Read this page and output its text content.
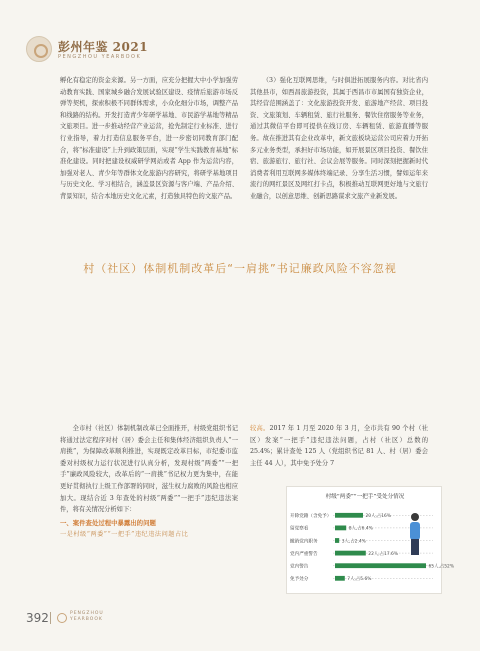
彭州年鉴 2021
PENGZHOU YEARBOOK

孵化有稳定的资金来源。另一方面，应充分把握大中小学加强劳动教育实践、国家城乡融合发展试验区建设、疫情后旅游市场反弹等契机，探索积极不同群体需求，小众化细分市场，调整产品和线路的结构。开发打造青少年研学基地、市民游学基地等精品文旅项目。进一步推动经营产业运营，抢先制定行业标准、进行行业指导，着力打造信息服务平台，进一步密切同教育部门配合，将“标准建设”上升到政策层面，实现“学生实践教育基地”标准化建设。同时把建设权威研学网站或者 App 作为运营内容，加强对老人、青少年等群体文化旅游内容研究，将研学基地项目与历史文化、学习相结合，涵盖景区资源与客户端、产品介绍、背景知识，结合本地历史文化元素，打造独具特色的文旅产品。

（3）强化互联网思维，与时俱进拓展服务内容。对比省内其他县市，如西昌旅游投资，其属于西昌市市属国有独资企业，其经营范围涵盖了：文化旅游投资开发、旅游地产经营、项目投资、文旅策划、车辆租赁、旅行社服务、餐饮住宿服务等业务，通过其微信平台即可提供在线订房、车辆租赁、旅游直播等服务。故在推进其有企业改革中，新文旅板块运营公司应着力开拓多元业务类型，承担好市场功能，如开展景区项目投资、餐饮住宿、旅游旅行、旅行社、会议会展等服务。同时深刻把握新时代消费者利用互联网多媒体终端记录、分享生活习惯，譬如运年来流行的网红景区及网红打卡点，积极推动互联网更好地与文旅行业融合，以创意思维、创新思路谋求文旅产业新发展。

村（社区）体制机制改革后“一肩挑”书记廉政风险不容忽视

全市村（社区）体制机制改革已全面推开，村级党组织书记将通过法定程序对村（居）委会主任和集体经济组织负责人“一肩挑”，为保障改革顺利推进，实现既定改革目标，市纪委市监委对村级权力运行状况进行认真分析，发现村级“两委”“一把手”廉政风险较大，改革后的“一肩挑”书记权力更为集中，在能更好贯彻执行上级工作部署的同时，滋生权力腐败的风险也相应加大。现结合近 3 年查处的村级“两委”“一把手”违纪违法案件，将有关情况分析如下：

一、案件查处过程中暴露出的问题

一是村级“两委”“一把手”违纪违法问题占比

较高。2017 年 1 月至 2020 年 3 月，全市共有 90 个村（社区）发案“一把手”违纪违法问题，占村（社区）总数的 25.4%；累计查处 125 人（党组织书记 81 人、村（居）委会主任 44 人），其中免予处分 7

村级“两委”“一把手”受处分情况
开除党籍（含免予）	20人,占16%
留党察看	8人,占6.4%
撤销党内职务	3人,占2.4%
党内严重警告	22人,占17.6%
党内警告	65人,占52%
免予处分	7人,占5.6%
392	PENGZHOU
YEARBOOK
